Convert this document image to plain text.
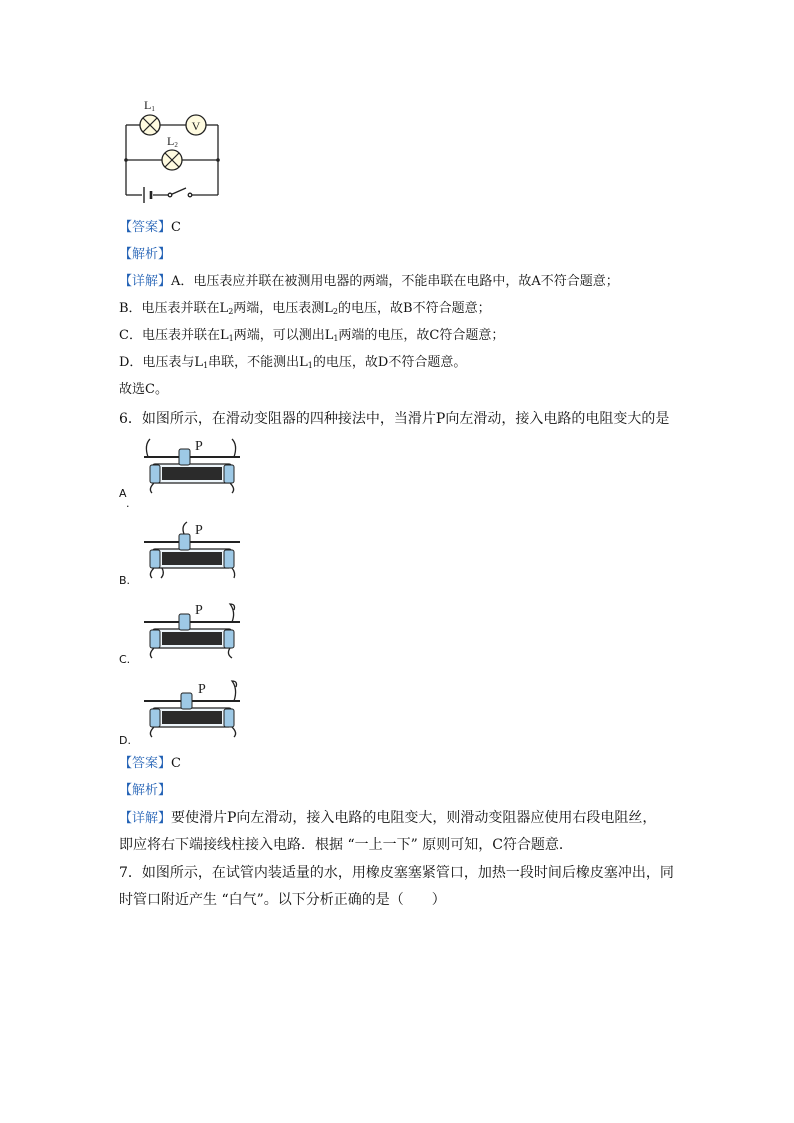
V
L1
L2
【答案】C
【解析】
【详解】A．电压表应并联在被测用电器的两端，不能串联在电路中，故A不符合题意；
B．电压表并联在$L_2$两端，电压表测$L_2$的电压，故B不符合题意；
C．电压表并联在$L_1$两端，可以测出$L_1$两端的电压，故C符合题意；
D．电压表与$L_1$串联，不能测出$L_1$的电压，故D不符合题意。
故选C。
6．如图所示，在滑动变阻器的四种接法中，当滑片P向左滑动，接入电路的电阻变大的是
P
A
.
P
B.
P
C.
P
D.
【答案】C
【解析】
【详解】要使滑片P向左滑动，接入电路的电阻变大，则滑动变阻器应使用右段电阻丝，
即应将右下端接线柱接入电路．根据 “一上一下” 原则可知，C符合题意．
7．如图所示，在试管内装适量的水，用橡皮塞塞紧管口，加热一段时间后橡皮塞冲出，同
时管口附近产生 “白气”。以下分析正确的是（　　）
